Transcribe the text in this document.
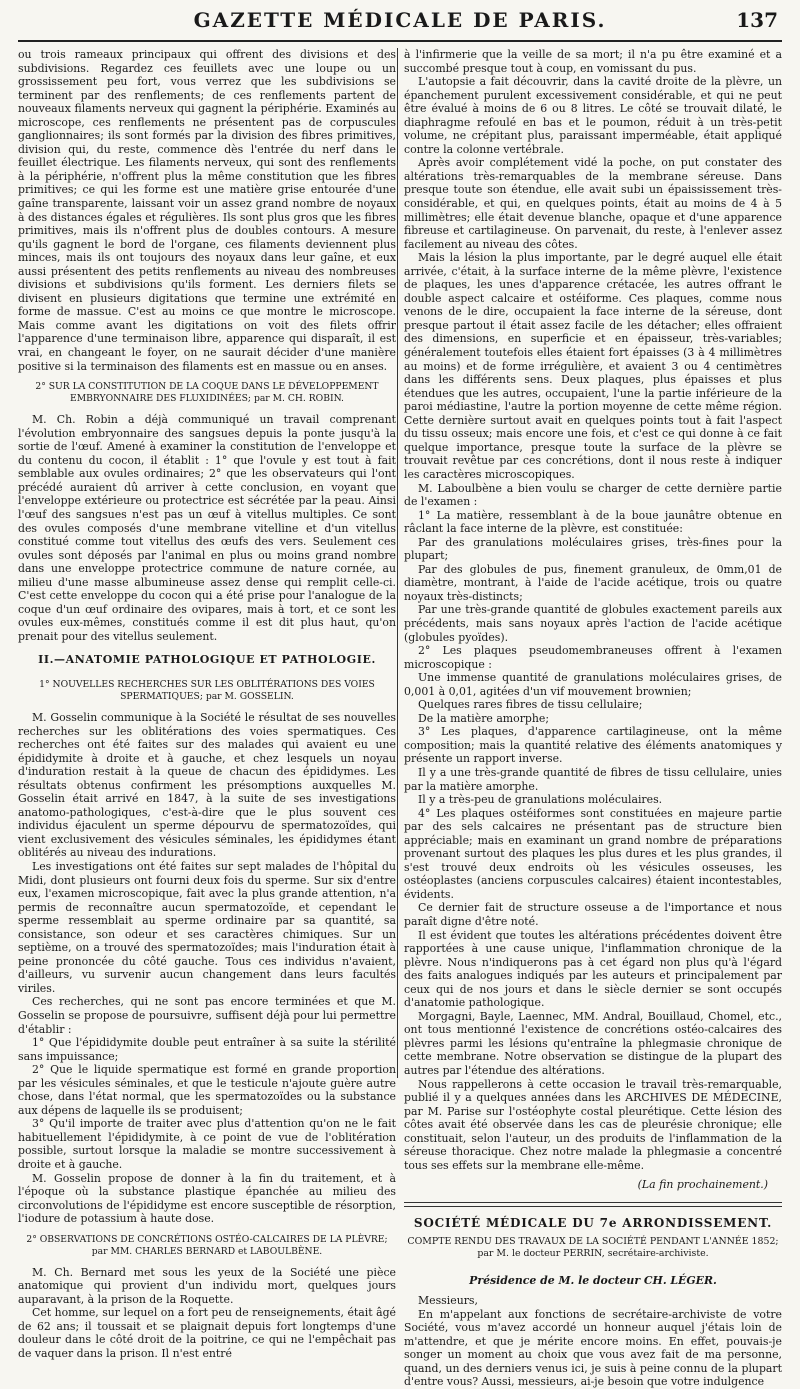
GAZETTE MÉDICALE DE PARIS.	137

ou trois rameaux principaux qui offrent des divisions et des subdivisions. Regardez ces feuillets avec une loupe ou un grossissement peu fort, vous verrez que les subdivisions se terminent par des renflements; de ces renflements partent de nouveaux filaments nerveux qui gagnent la périphérie. Examinés au microscope, ces renflements ne présentent pas de corpuscules ganglionnaires; ils sont formés par la division des fibres primitives, division qui, du reste, commence dès l'entrée du nerf dans le feuillet électrique. Les filaments nerveux, qui sont des renflements à la périphérie, n'offrent plus la même constitution que les fibres primitives; ce qui les forme est une matière grise entourée d'une gaîne transparente, laissant voir un assez grand nombre de noyaux à des distances égales et régulières. Ils sont plus gros que les fibres primitives, mais ils n'offrent plus de doubles contours. A mesure qu'ils gagnent le bord de l'organe, ces filaments deviennent plus minces, mais ils ont toujours des noyaux dans leur gaîne, et eux aussi présentent des petits renflements au niveau des nombreuses divisions et subdivisions qu'ils forment. Les derniers filets se divisent en plusieurs digitations que termine une extrémité en forme de massue. C'est au moins ce que montre le microscope. Mais comme avant les digitations on voit des filets offrir l'apparence d'une terminaison libre, apparence qui disparaît, il est vrai, en changeant le foyer, on ne saurait décider d'une manière positive si la terminaison des filaments est en massue ou en anses.

2° SUR LA CONSTITUTION DE LA COQUE DANS LE DÉVELOPPEMENT EMBRYONNAIRE DES FLUXIDINÉES; par M. CH. ROBIN.

M. Ch. Robin a déjà communiqué un travail comprenant l'évolution embryonnaire des sangsues depuis la ponte jusqu'à la sortie de l'œuf. Amené à examiner la constitution de l'enveloppe et du contenu du cocon, il établit : 1° que l'ovule y est tout à fait semblable aux ovules ordinaires; 2° que les observateurs qui l'ont précédé auraient dû arriver à cette conclusion, en voyant que l'enveloppe extérieure ou protectrice est sécrétée par la peau. Ainsi l'œuf des sangsues n'est pas un œuf à vitellus multiples. Ce sont des ovules composés d'une membrane vitelline et d'un vitellus constitué comme tout vitellus des œufs des vers. Seulement ces ovules sont déposés par l'animal en plus ou moins grand nombre dans une enveloppe protectrice commune de nature cornée, au milieu d'une masse albumineuse assez dense qui remplit celle-ci. C'est cette enveloppe du cocon qui a été prise pour l'analogue de la coque d'un œuf ordinaire des ovipares, mais à tort, et ce sont les ovules eux-mêmes, constitués comme il est dit plus haut, qu'on prenait pour des vitellus seulement.

II.—ANATOMIE PATHOLOGIQUE ET PATHOLOGIE.
1° NOUVELLES RECHERCHES SUR LES OBLITÉRATIONS DES VOIES SPERMATIQUES; par M. GOSSELIN.

M. Gosselin communique à la Société le résultat de ses nouvelles recherches sur les oblitérations des voies spermatiques. Ces recherches ont été faites sur des malades qui avaient eu une épididymite à droite et à gauche, et chez lesquels un noyau d'induration restait à la queue de chacun des épididymes. Les résultats obtenus confirment les présomptions auxquelles M. Gosselin était arrivé en 1847, à la suite de ses investigations anatomo-pathologiques, c'est-à-dire que le plus souvent ces individus éjaculent un sperme dépourvu de spermatozoïdes, qui vient exclusivement des vésicules séminales, les épididymes étant oblitérés au niveau des indurations.

Les investigations ont été faites sur sept malades de l'hôpital du Midi, dont plusieurs ont fourni deux fois du sperme. Sur six d'entre eux, l'examen microscopique, fait avec la plus grande attention, n'a permis de reconnaître aucun spermatozoïde, et cependant le sperme ressemblait au sperme ordinaire par sa quantité, sa consistance, son odeur et ses caractères chimiques. Sur un septième, on a trouvé des spermatozoïdes; mais l'induration était à peine prononcée du côté gauche. Tous ces individus n'avaient, d'ailleurs, vu survenir aucun changement dans leurs facultés viriles.

Ces recherches, qui ne sont pas encore terminées et que M. Gosselin se propose de poursuivre, suffisent déjà pour lui permettre d'établir :

1° Que l'épididymite double peut entraîner à sa suite la stérilité sans impuissance;

2° Que le liquide spermatique est formé en grande proportion par les vésicules séminales, et que le testicule n'ajoute guère autre chose, dans l'état normal, que les spermatozoïdes ou la substance aux dépens de laquelle ils se produisent;

3° Qu'il importe de traiter avec plus d'attention qu'on ne le fait habituellement l'épididymite, à ce point de vue de l'oblitération possible, surtout lorsque la maladie se montre successivement à droite et à gauche.

M. Gosselin propose de donner à la fin du traitement, et à l'époque où la substance plastique épanchée au milieu des circonvolutions de l'épididyme est encore susceptible de résorption, l'iodure de potassium à haute dose.

2° OBSERVATIONS DE CONCRÉTIONS OSTÉO-CALCAIRES DE LA PLÈVRE; par MM. CHARLES BERNARD et LABOULBÈNE.

M. Ch. Bernard met sous les yeux de la Société une pièce anatomique qui provient d'un individu mort, quelques jours auparavant, à la prison de la Roquette.

Cet homme, sur lequel on a fort peu de renseignements, était âgé de 62 ans; il toussait et se plaignait depuis fort longtemps d'une douleur dans le côté droit de la poitrine, ce qui ne l'empêchait pas de vaquer dans la prison. Il n'est entré

à l'infirmerie que la veille de sa mort; il n'a pu être examiné et a succombé presque tout à coup, en vomissant du pus.

L'autopsie a fait découvrir, dans la cavité droite de la plèvre, un épanchement purulent excessivement considérable, et qui ne peut être évalué à moins de 6 ou 8 litres. Le côté se trouvait dilaté, le diaphragme refoulé en bas et le poumon, réduit à un très-petit volume, ne crépitant plus, paraissant imperméable, était appliqué contre la colonne vertébrale.

Après avoir complétement vidé la poche, on put constater des altérations très-remarquables de la membrane séreuse. Dans presque toute son étendue, elle avait subi un épaississement très-considérable, et qui, en quelques points, était au moins de 4 à 5 millimètres; elle était devenue blanche, opaque et d'une apparence fibreuse et cartilagineuse. On parvenait, du reste, à l'enlever assez facilement au niveau des côtes.

Mais la lésion la plus importante, par le degré auquel elle était arrivée, c'était, à la surface interne de la même plèvre, l'existence de plaques, les unes d'apparence crétacée, les autres offrant le double aspect calcaire et ostéiforme. Ces plaques, comme nous venons de le dire, occupaient la face interne de la séreuse, dont presque partout il était assez facile de les détacher; elles offraient des dimensions, en superficie et en épaisseur, très-variables; généralement toutefois elles étaient fort épaisses (3 à 4 millimètres au moins) et de forme irrégulière, et avaient 3 ou 4 centimètres dans les différents sens. Deux plaques, plus épaisses et plus étendues que les autres, occupaient, l'une la partie inférieure de la paroi médiastine, l'autre la portion moyenne de cette même région. Cette dernière surtout avait en quelques points tout à fait l'aspect du tissu osseux; mais encore une fois, et c'est ce qui donne à ce fait quelque importance, presque toute la surface de la plèvre se trouvait revêtue par ces concrétions, dont il nous reste à indiquer les caractères microscopiques.

M. Laboulbène a bien voulu se charger de cette dernière partie de l'examen :

1° La matière, ressemblant à de la boue jaunâtre obtenue en râclant la face interne de la plèvre, est constituée:

Par des granulations moléculaires grises, très-fines pour la plupart;

Par des globules de pus, finement granuleux, de 0mm,01 de diamètre, montrant, à l'aide de l'acide acétique, trois ou quatre noyaux très-distincts;

Par une très-grande quantité de globules exactement pareils aux précédents, mais sans noyaux après l'action de l'acide acétique (globules pyoïdes).

2° Les plaques pseudomembraneuses offrent à l'examen microscopique :

Une immense quantité de granulations moléculaires grises, de 0,001 à 0,01, agitées d'un vif mouvement brownien;

Quelques rares fibres de tissu cellulaire;

De la matière amorphe;

3° Les plaques, d'apparence cartilagineuse, ont la même composition; mais la quantité relative des éléments anatomiques y présente un rapport inverse.

Il y a une très-grande quantité de fibres de tissu cellulaire, unies par la matière amorphe.

Il y a très-peu de granulations moléculaires.

4° Les plaques ostéiformes sont constituées en majeure partie par des sels calcaires ne présentant pas de structure bien appréciable; mais en examinant un grand nombre de préparations provenant surtout des plaques les plus dures et les plus grandes, il s'est trouvé deux endroits où les vésicules osseuses, les ostéoplastes (anciens corpuscules calcaires) étaient incontestables, évidents.

Ce dernier fait de structure osseuse a de l'importance et nous paraît digne d'être noté.

Il est évident que toutes les altérations précédentes doivent être rapportées à une cause unique, l'inflammation chronique de la plèvre. Nous n'indiquerons pas à cet égard non plus qu'à l'égard des faits analogues indiqués par les auteurs et principalement par ceux qui de nos jours et dans le siècle dernier se sont occupés d'anatomie pathologique.

Morgagni, Bayle, Laennec, MM. Andral, Bouillaud, Chomel, etc., ont tous mentionné l'existence de concrétions ostéo-calcaires des plèvres parmi les lésions qu'entraîne la phlegmasie chronique de cette membrane. Notre observation se distingue de la plupart des autres par l'étendue des altérations.

Nous rappellerons à cette occasion le travail très-remarquable, publié il y a quelques années dans les ARCHIVES DE MÉDECINE, par M. Parise sur l'ostéophyte costal pleurétique. Cette lésion des côtes avait été observée dans les cas de pleurésie chronique; elle constituait, selon l'auteur, un des produits de l'inflammation de la séreuse thoracique. Chez notre malade la phlegmasie a concentré tous ses effets sur la membrane elle-même.

(La fin prochainement.)
SOCIÉTÉ MÉDICALE DU 7e ARRONDISSEMENT.
COMPTE RENDU DES TRAVAUX DE LA SOCIÉTÉ PENDANT L'ANNÉE 1852; par M. le docteur PERRIN, secrétaire-archiviste.
Présidence de M. le docteur CH. LÉGER.

Messieurs,

En m'appelant aux fonctions de secrétaire-archiviste de votre Société, vous m'avez accordé un honneur auquel j'étais loin de m'attendre, et que je mérite encore moins. En effet, pouvais-je songer un moment au choix que vous avez fait de ma personne, quand, un des derniers venus ici, je suis à peine connu de la plupart d'entre vous? Aussi, messieurs, ai-je besoin que votre indulgence
